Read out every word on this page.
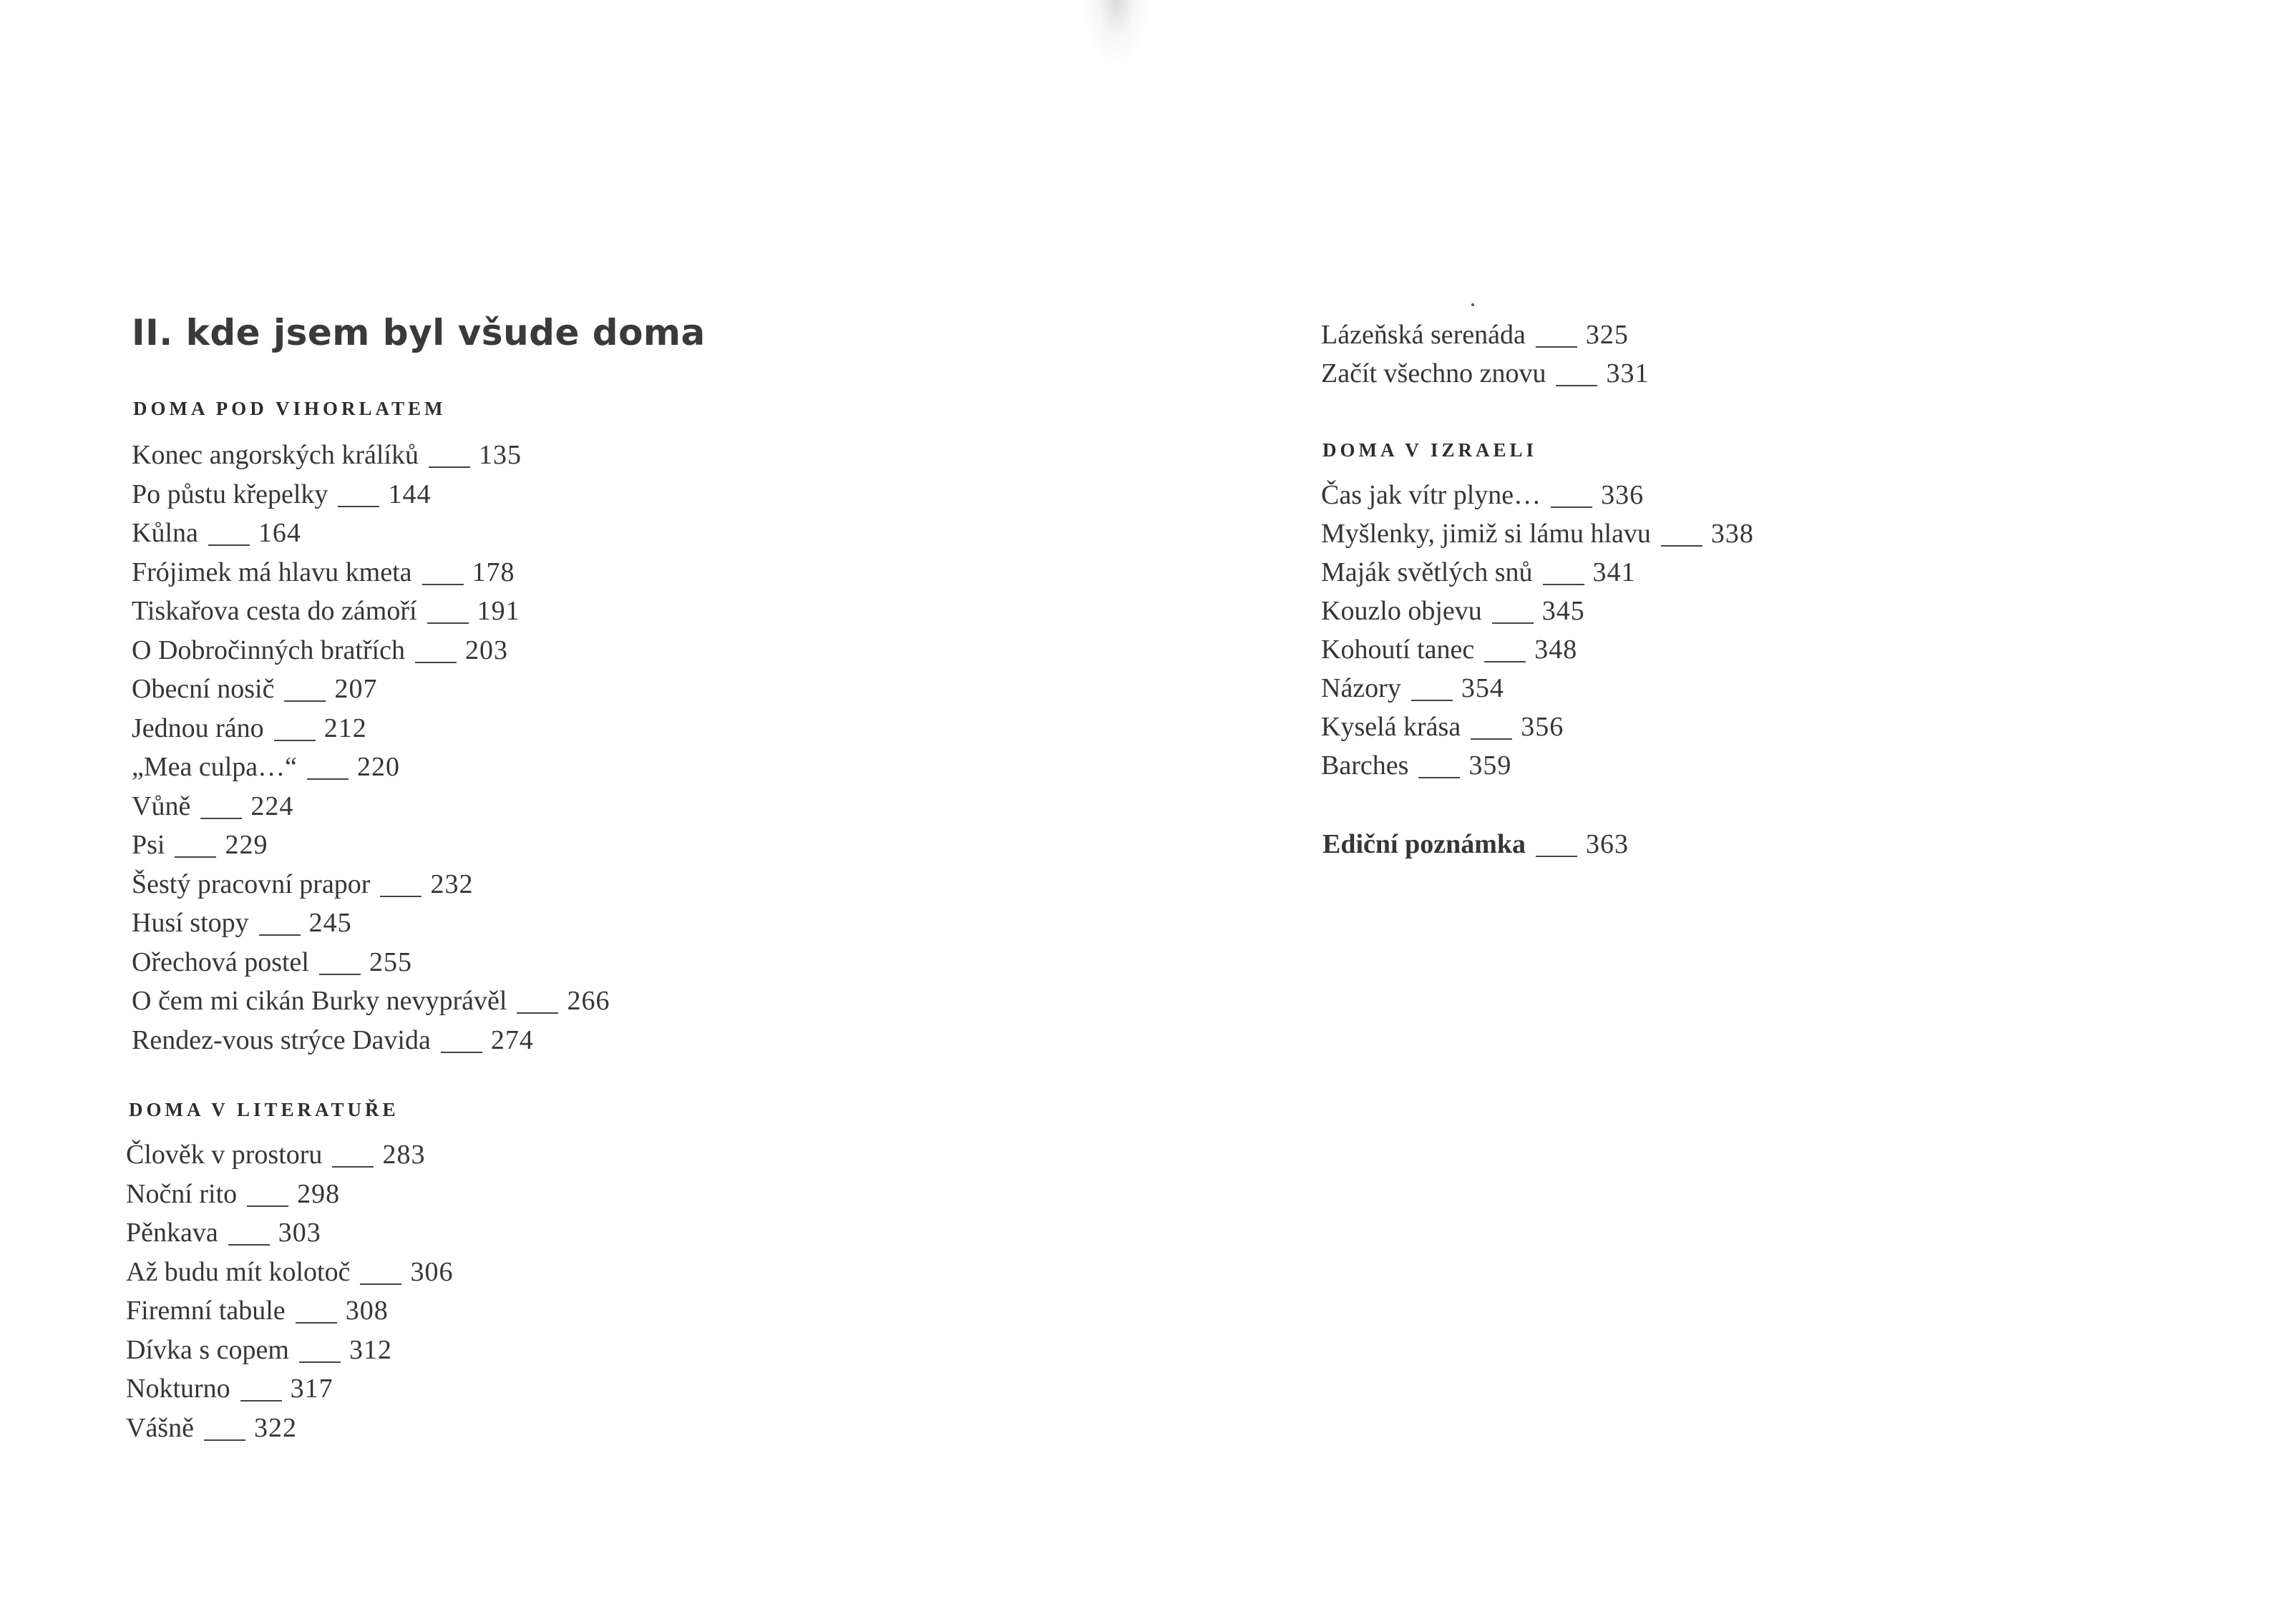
II. kde jsem byl všude doma
DOMA POD VIHORLATEM
Konec angorských králíků 135
Po půstu křepelky 144
Kůlna 164
Frójimek má hlavu kmeta 178
Tiskařova cesta do zámoří 191
O Dobročinných bratřích 203
Obecní nosič 207
Jednou ráno 212
„Mea culpa…“ 220
Vůně 224
Psi 229
Šestý pracovní prapor 232
Husí stopy 245
Ořechová postel 255
O čem mi cikán Burky nevyprávěl 266
Rendez-vous strýce Davida 274
DOMA V LITERATUŘE
Člověk v prostoru 283
Noční rito 298
Pěnkava 303
Až budu mít kolotoč 306
Firemní tabule 308
Dívka s copem 312
Nokturno 317
Vášně 322
Lázeňská serenáda 325
Začít všechno znovu 331
DOMA V IZRAELI
Čas jak vítr plyne… 336
Myšlenky, jimiž si lámu hlavu 338
Maják světlých snů 341
Kouzlo objevu 345
Kohoutí tanec 348
Názory 354
Kyselá krása 356
Barches 359
Ediční poznámka 363
